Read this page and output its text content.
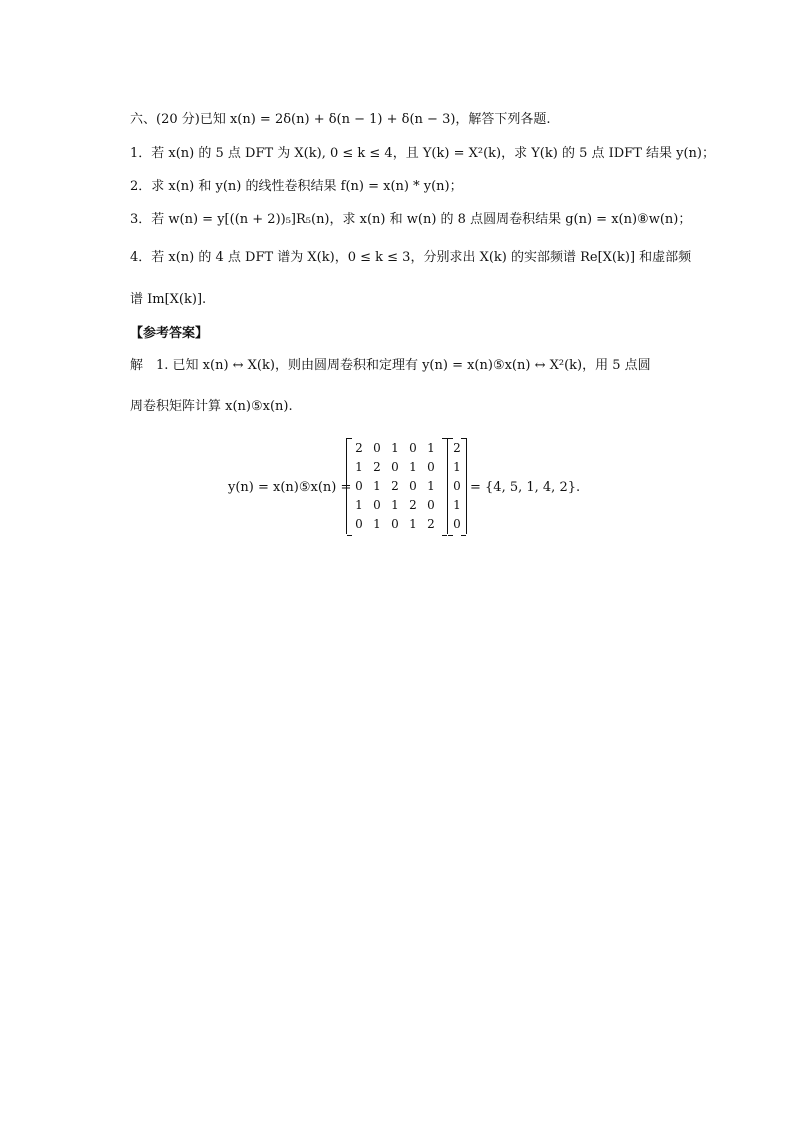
六、(20 分)已知 x(n) = 2δ(n) + δ(n − 1) + δ(n − 3)，解答下列各题.
1．若 x(n) 的 5 点 DFT 为 X(k), 0 ≤ k ≤ 4，且 Y(k) = X²(k)，求 Y(k) 的 5 点 IDFT 结果 y(n)；
2．求 x(n) 和 y(n) 的线性卷积结果 f(n) = x(n) * y(n)；
3．若 w(n) = y[((n + 2))₅]R₅(n)，求 x(n) 和 w(n) 的 8 点圆周卷积结果 g(n) = x(n)⑧w(n)；
4．若 x(n) 的 4 点 DFT 谱为 X(k)，0 ≤ k ≤ 3，分别求出 X(k) 的实部频谱 Re[X(k)] 和虚部频
谱 Im[X(k)].
【参考答案】
解　1. 已知 x(n) ↔ X(k)，则由圆周卷积和定理有 y(n) = x(n)⑤x(n) ↔ X²(k)，用 5 点圆
周卷积矩阵计算 x(n)⑤x(n).
y(n) = x(n)⑤x(n) =
2 0 1 0 1
1 2 0 1 0
0 1 2 0 1
1 0 1 2 0
0 1 0 1 2
2
1
0
1
0
= {4, 5, 1, 4, 2}.
